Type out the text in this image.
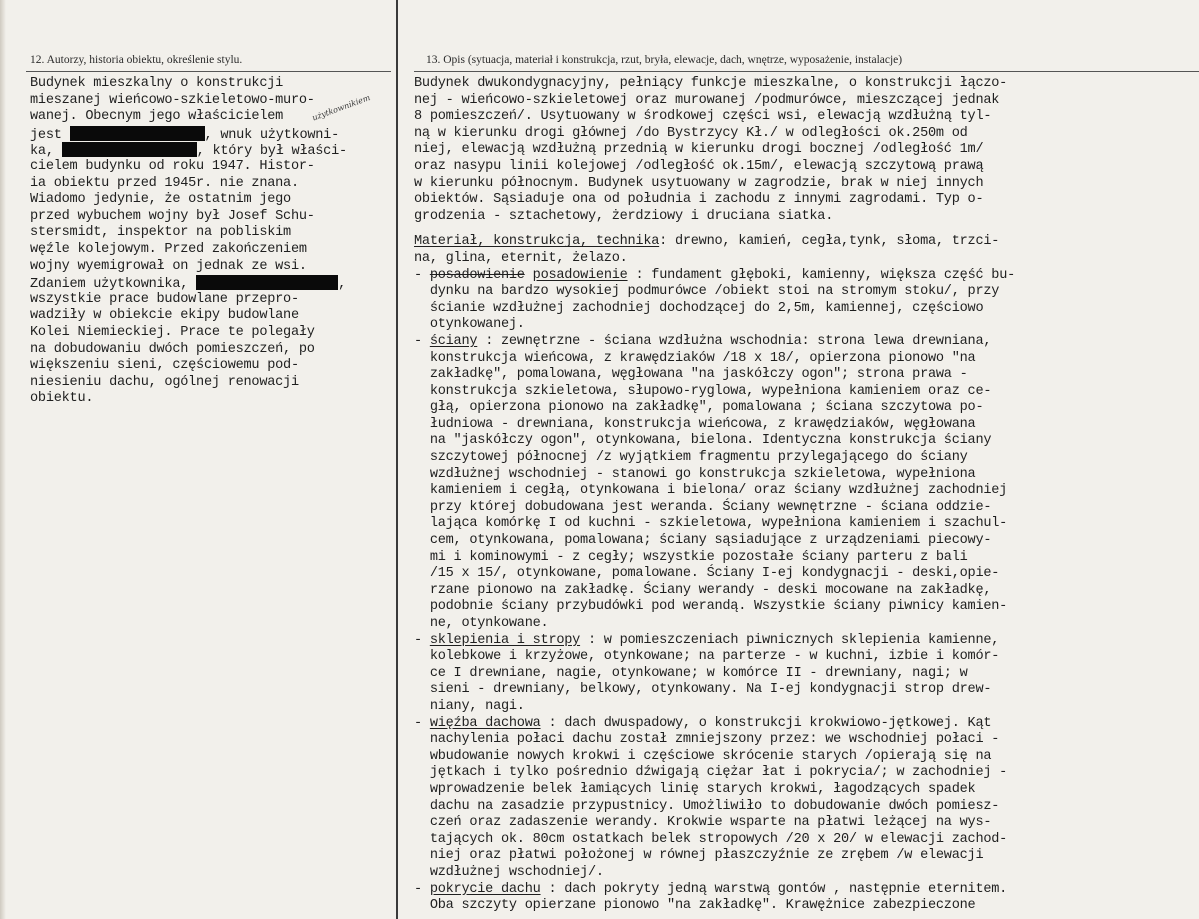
12. Autorzy, historia obiektu, określenie stylu.	13. Opis (sytuacja, materiał i konstrukcja, rzut, bryła, elewacje, dach, wnętrze, wyposażenie, instalacje)
Budynek mieszkalny o konstrukcji
mieszanej wieńcowo-szkieletowo-muro-
wanej. Obecnym jego właścicielem
jest	, wnuk użytkowni-
ka,	, który był właści-
cielem budynku od roku 1947. Histor-
ia obiektu przed 1945r. nie znana.
Wiadomo jedynie, że ostatnim jego
przed wybuchem wojny był Josef Schu-
stersmidt, inspektor na pobliskim
węźle kolejowym. Przed zakończeniem
wojny wyemigrował on jednak ze wsi.
Zdaniem użytkownika,	,
wszystkie prace budowlane przepro-
wadziły w obiekcie ekipy budowlane
Kolei Niemieckiej. Prace te polegały
na dobudowaniu dwóch pomieszczeń, po
większeniu sieni, częściowemu pod-
niesieniu dachu, ogólnej renowacji
obiektu.
użytkownikiem
Budynek dwukondygnacyjny, pełniący funkcje mieszkalne, o konstrukcji łączo-
nej - wieńcowo-szkieletowej oraz murowanej /podmurówce, mieszczącej jednak
8 pomieszczeń/. Usytuowany w środkowej części wsi, elewacją wzdłużną tyl-
ną w kierunku drogi głównej /do Bystrzycy Kł./ w odległości ok.250m od
niej, elewacją wzdłużną przednią w kierunku drogi bocznej /odległość 1m/
oraz nasypu linii kolejowej /odległość ok.15m/, elewacją szczytową prawą
w kierunku północnym. Budynek usytuowany w zagrodzie, brak w niej innych
obiektów. Sąsiaduje ona od południa i zachodu z innymi zagrodami. Typ o-
grodzenia - sztachetowy, żerdziowy i druciana siatka.
Materiał, konstrukcja, technika: drewno, kamień, cegła,tynk, słoma, trzci-
na, glina, eternit, żelazo.
- posadowienie posadowienie : fundament głęboki, kamienny, większa część bu-
dynku na bardzo wysokiej podmurówce /obiekt stoi na stromym stoku/, przy
ścianie wzdłużnej zachodniej dochodzącej do 2,5m, kamiennej, częściowo
otynkowanej.
- ściany : zewnętrzne - ściana wzdłużna wschodnia: strona lewa drewniana,
konstrukcja wieńcowa, z krawędziaków /18 x 18/, opierzona pionowo "na
zakładkę", pomalowana, węgłowana "na jaskółczy ogon"; strona prawa -
konstrukcja szkieletowa, słupowo-ryglowa, wypełniona kamieniem oraz ce-
głą, opierzona pionowo na zakładkę", pomalowana ; ściana szczytowa po-
łudniowa - drewniana, konstrukcja wieńcowa, z krawędziaków, węgłowana
na "jaskółczy ogon", otynkowana, bielona. Identyczna konstrukcja ściany
szczytowej północnej /z wyjątkiem fragmentu przylegającego do ściany
wzdłużnej wschodniej - stanowi go konstrukcja szkieletowa, wypełniona
kamieniem i cegłą, otynkowana i bielona/ oraz ściany wzdłużnej zachodniej
przy której dobudowana jest weranda. Ściany wewnętrzne - ściana oddzie-
lająca komórkę I od kuchni - szkieletowa, wypełniona kamieniem i szachul-
cem, otynkowana, pomalowana; ściany sąsiadujące z urządzeniami piecowy-
mi i kominowymi - z cegły; wszystkie pozostałe ściany parteru z bali
/15 x 15/, otynkowane, pomalowane. Ściany I-ej kondygnacji - deski,opie-
rzane pionowo na zakładkę. Ściany werandy - deski mocowane na zakładkę,
podobnie ściany przybudówki pod werandą. Wszystkie ściany piwnicy kamien-
ne, otynkowane.
- sklepienia i stropy : w pomieszczeniach piwnicznych sklepienia kamienne,
kolebkowe i krzyżowe, otynkowane; na parterze - w kuchni, izbie i komór-
ce I drewniane, nagie, otynkowane; w komórce II - drewniany, nagi; w
sieni - drewniany, belkowy, otynkowany. Na I-ej kondygnacji strop drew-
niany, nagi.
- więźba dachowa : dach dwuspadowy, o konstrukcji krokwiowo-jętkowej. Kąt
nachylenia połaci dachu został zmniejszony przez: we wschodniej połaci -
wbudowanie nowych krokwi i częściowe skrócenie starych /opierają się na
jętkach i tylko pośrednio dźwigają ciężar łat i pokrycia/; w zachodniej -
wprowadzenie belek łamiących linię starych krokwi, łagodzących spadek
dachu na zasadzie przypustnicy. Umożliwiło to dobudowanie dwóch pomiesz-
czeń oraz zadaszenie werandy. Krokwie wsparte na płatwi leżącej na wys-
tających ok. 80cm ostatkach belek stropowych /20 x 20/ w elewacji zachod-
niej oraz płatwi położonej w równej płaszczyźnie ze zrębem /w elewacji
wzdłużnej wschodniej/.
- pokrycie dachu : dach pokryty jedną warstwą gontów , następnie eternitem.
Oba szczyty opierzane pionowo "na zakładkę". Krawężnice zabezpieczone
